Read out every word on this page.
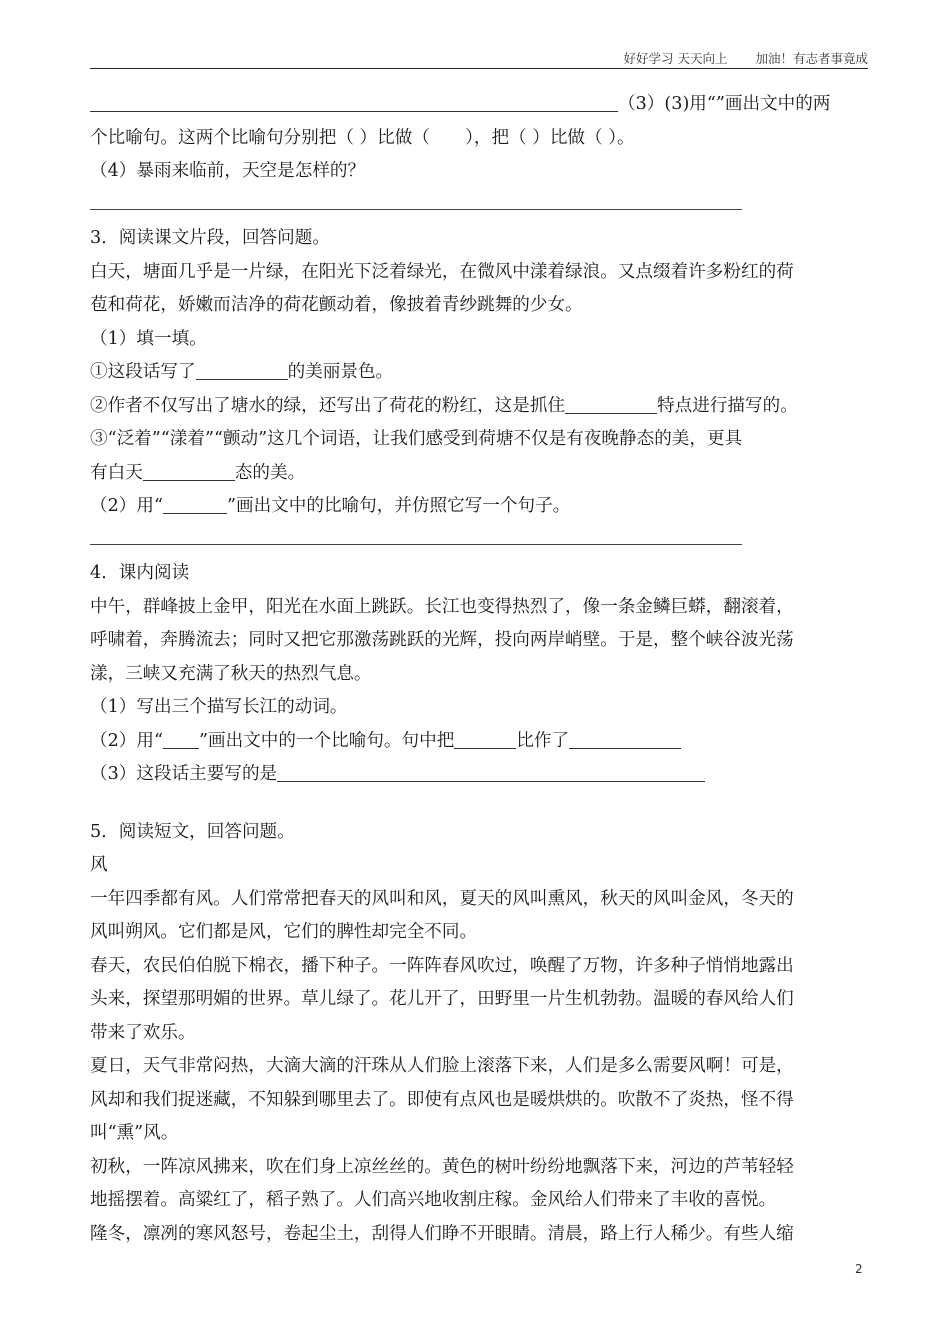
好好学习 天天向上 加油！有志者事竟成
（3）(3)用“”画出文中的两
个比喻句。这两个比喻句分别把（ ）比做（　　），把（ ）比做（ ）。
（4）暴雨来临前，天空是怎样的？
3．阅读课文片段，回答问题。
白天，塘面几乎是一片绿，在阳光下泛着绿光，在微风中漾着绿浪。又点缀着许多粉红的荷
苞和荷花，娇嫩而洁净的荷花颤动着，像披着青纱跳舞的少女。
（1）填一填。
①这段话写了	的美丽景色。
②作者不仅写出了塘水的绿，还写出了荷花的粉红，这是抓住	特点进行描写的。
③“泛着”“漾着”“颤动”这几个词语，让我们感受到荷塘不仅是有夜晚静态的美，更具
有白天	态的美。
（2）用“	”画出文中的比喻句，并仿照它写一个句子。
4．课内阅读
中午，群峰披上金甲，阳光在水面上跳跃。长江也变得热烈了，像一条金鳞巨蟒，翻滚着，
呼啸着，奔腾流去；同时又把它那激荡跳跃的光辉，投向两岸峭壁。于是，整个峡谷波光荡
漾，三峡又充满了秋天的热烈气息。
（1）写出三个描写长江的动词。
（2）用“ ”画出文中的一个比喻句。句中把	比作了
（3）这段话主要写的是
5．阅读短文，回答问题。
风
一年四季都有风。人们常常把春天的风叫和风，夏天的风叫熏风，秋天的风叫金风，冬天的
风叫朔风。它们都是风，它们的脾性却完全不同。
春天，农民伯伯脱下棉衣，播下种子。一阵阵春风吹过，唤醒了万物，许多种子悄悄地露出
头来，探望那明媚的世界。草儿绿了。花儿开了，田野里一片生机勃勃。温暖的春风给人们
带来了欢乐。
夏日，天气非常闷热，大滴大滴的汗珠从人们脸上滚落下来，人们是多么需要风啊！可是，
风却和我们捉迷藏，不知躲到哪里去了。即使有点风也是暖烘烘的。吹散不了炎热，怪不得
叫“熏”风。
初秋，一阵凉风拂来，吹在们身上凉丝丝的。黄色的树叶纷纷地飘落下来，河边的芦苇轻轻
地摇摆着。高粱红了，稻子熟了。人们高兴地收割庄稼。金风给人们带来了丰收的喜悦。
隆冬，凛冽的寒风怒号，卷起尘土，刮得人们睁不开眼睛。清晨，路上行人稀少。有些人缩
2
